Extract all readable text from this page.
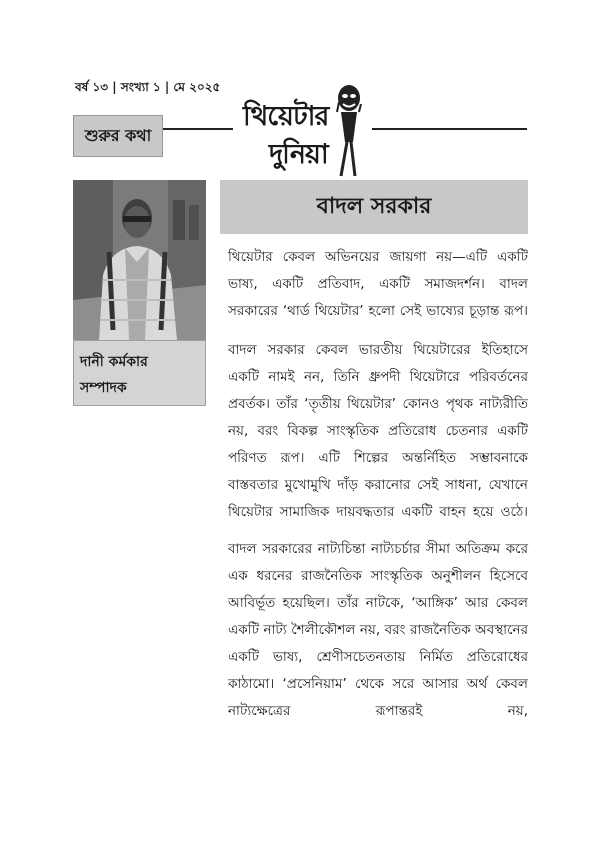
বর্ষ ১৩ | সংখ্যা ১ | মে ২০২৫
শুরুর কথা
থিয়েটার
দুনিয়া
দানী কর্মকার
সম্পাদক
বাদল সরকার

থিয়েটার কেবল অভিনয়ের জায়গা নয়—এটি একটি ভাষ্য, একটি প্রতিবাদ, একটি সমাজদর্শন। বাদল সরকারের ‘থার্ড থিয়েটার’ হলো সেই ভাষ্যের চূড়ান্ত রূপ।

বাদল সরকার কেবল ভারতীয় থিয়েটারের ইতিহাসে একটি নামই নন, তিনি ধ্রুপদী থিয়েটারে পরিবর্তনের প্রবর্তক। তাঁর ‘তৃতীয় থিয়েটার’ কোনও পৃথক নাট্যরীতি নয়, বরং বিকল্প সাংস্কৃতিক প্রতিরোধ চেতনার একটি পরিণত রূপ। এটি শিল্পের অন্তর্নিহিত সম্ভাবনাকে বাস্তবতার মুখোমুখি দাঁড় করানোর সেই সাধনা, যেখানে থিয়েটার সামাজিক দায়বদ্ধতার একটি বাহন হয়ে ওঠে।

বাদল সরকারের নাট্যচিন্তা নাট্যচর্চার সীমা অতিক্রম করে এক ধরনের রাজনৈতিক সাংস্কৃতিক অনুশীলন হিসেবে আবির্ভূত হয়েছিল। তাঁর নাটকে, ‘আঙ্গিক’ আর কেবল একটি নাট্য শৈলীকৌশল নয়, বরং রাজনৈতিক অবস্থানের একটি ভাষ্য, শ্রেণীসচেতনতায় নির্মিত প্রতিরোধের কাঠামো। ‘প্রসেনিয়াম’ থেকে সরে আসার অর্থ কেবল নাট্যক্ষেত্রের রূপান্তরই নয়,
